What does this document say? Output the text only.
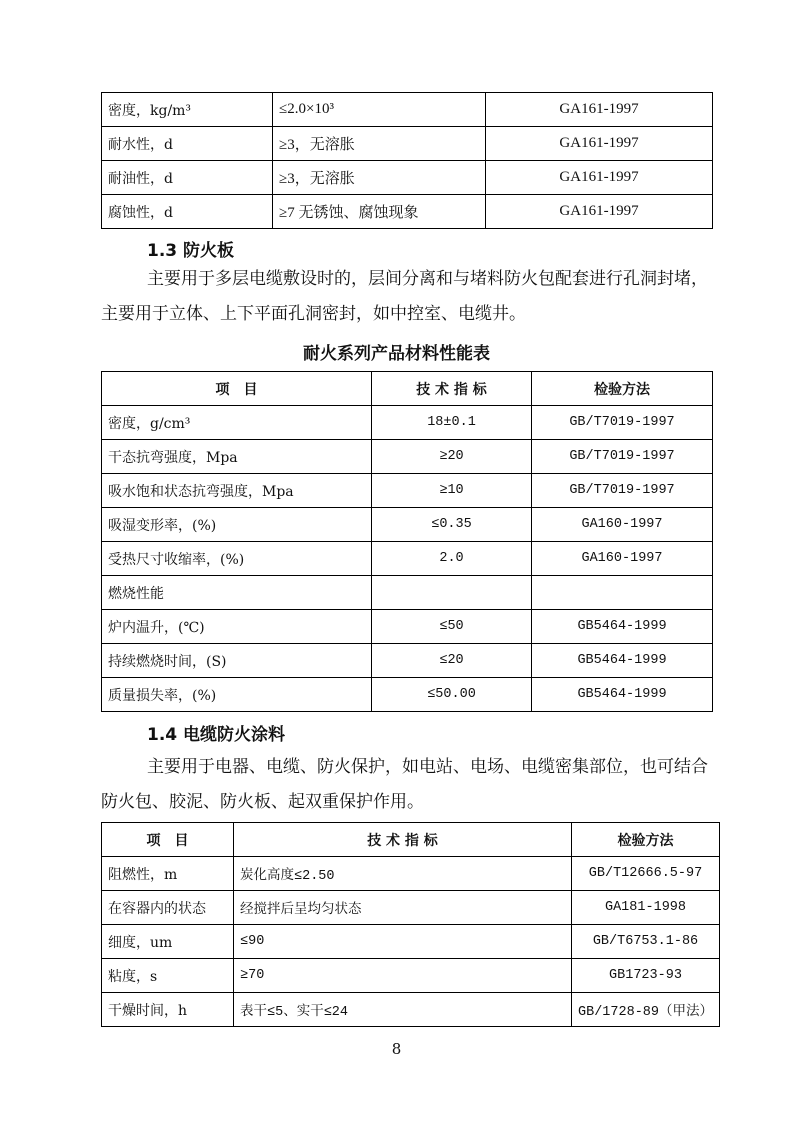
密度，kg/m³	≤2.0×10³	GA161-1997
耐水性，d	≥3，无溶胀	GA161-1997
耐油性，d	≥3，无溶胀	GA161-1997
腐蚀性，d	≥7 无锈蚀、腐蚀现象	GA161-1997
1.3 防火板
主要用于多层电缆敷设时的，层间分离和与堵料防火包配套进行孔洞封堵，主要用于立体、上下平面孔洞密封，如中控室、电缆井。
耐火系列产品材料性能表
项　目	技 术 指 标	检验方法
密度，g/cm³	18±0.1	GB/T7019-1997
干态抗弯强度，Mpa	≥20	GB/T7019-1997
吸水饱和状态抗弯强度，Mpa	≥10	GB/T7019-1997
吸湿变形率，(%)	≤0.35	GA160-1997
受热尺寸收缩率，(%)	2.0	GA160-1997
燃烧性能		
炉内温升，(℃)	≤50	GB5464-1999
持续燃烧时间，(S)	≤20	GB5464-1999
质量损失率，(%)	≤50.00	GB5464-1999
1.4 电缆防火涂料
主要用于电器、电缆、防火保护，如电站、电场、电缆密集部位，也可结合防火包、胶泥、防火板、起双重保护作用。
项　目	技 术 指 标	检验方法
阻燃性，m	炭化高度≤2.50	GB/T12666.5-97
在容器内的状态	经搅拌后呈均匀状态	GA181-1998
细度，um	≤90	GB/T6753.1-86
粘度，s	≥70	GB1723-93
干燥时间，h	表干≤5、实干≤24	GB/1728-89（甲法）
8
